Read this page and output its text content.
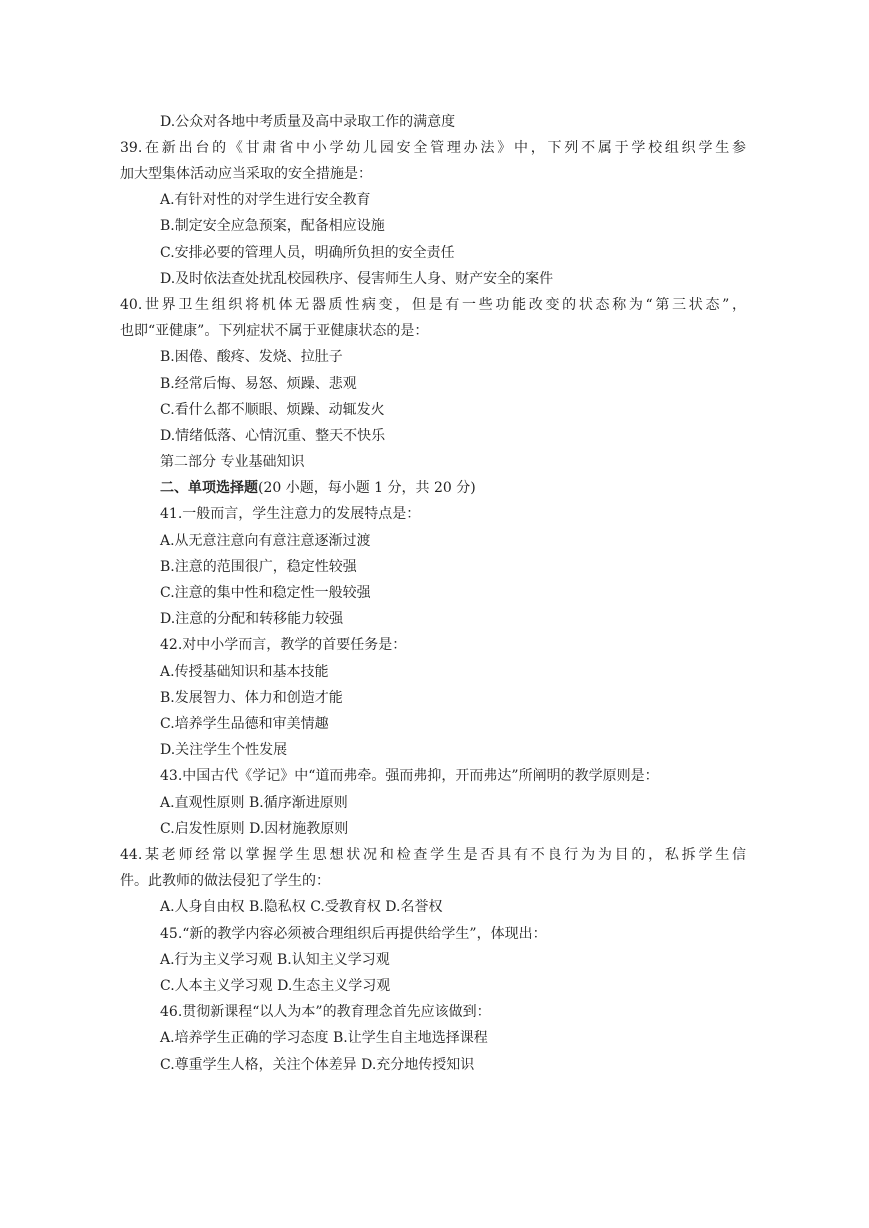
D.公众对各地中考质量及高中录取工作的满意度
39.在新出台的《甘肃省中小学幼儿园安全管理办法》中，下列不属于学校组织学生参
加大型集体活动应当采取的安全措施是：
A.有针对性的对学生进行安全教育
B.制定安全应急预案，配备相应设施
C.安排必要的管理人员，明确所负担的安全责任
D.及时依法查处扰乱校园秩序、侵害师生人身、财产安全的案件
40.世界卫生组织将机体无器质性病变，但是有一些功能改变的状态称为“第三状态”，
也即“亚健康”。下列症状不属于亚健康状态的是：
B.困倦、酸疼、发烧、拉肚子
B.经常后悔、易怒、烦躁、悲观
C.看什么都不顺眼、烦躁、动辄发火
D.情绪低落、心情沉重、整天不快乐
第二部分 专业基础知识
二、单项选择题(20 小题，每小题 1 分，共 20 分)
41.一般而言，学生注意力的发展特点是：
A.从无意注意向有意注意逐渐过渡
B.注意的范围很广，稳定性较强
C.注意的集中性和稳定性一般较强
D.注意的分配和转移能力较强
42.对中小学而言，教学的首要任务是：
A.传授基础知识和基本技能
B.发展智力、体力和创造才能
C.培养学生品德和审美情趣
D.关注学生个性发展
43.中国古代《学记》中“道而弗牵。强而弗抑，开而弗达”所阐明的教学原则是：
A.直观性原则 B.循序渐进原则
C.启发性原则 D.因材施教原则
44.某老师经常以掌握学生思想状况和检查学生是否具有不良行为为目的，私拆学生信
件。此教师的做法侵犯了学生的：
A.人身自由权 B.隐私权 C.受教育权 D.名誉权
45.“新的教学内容必须被合理组织后再提供给学生”，体现出：
A.行为主义学习观 B.认知主义学习观
C.人本主义学习观 D.生态主义学习观
46.贯彻新课程“以人为本”的教育理念首先应该做到：
A.培养学生正确的学习态度 B.让学生自主地选择课程
C.尊重学生人格，关注个体差异 D.充分地传授知识
